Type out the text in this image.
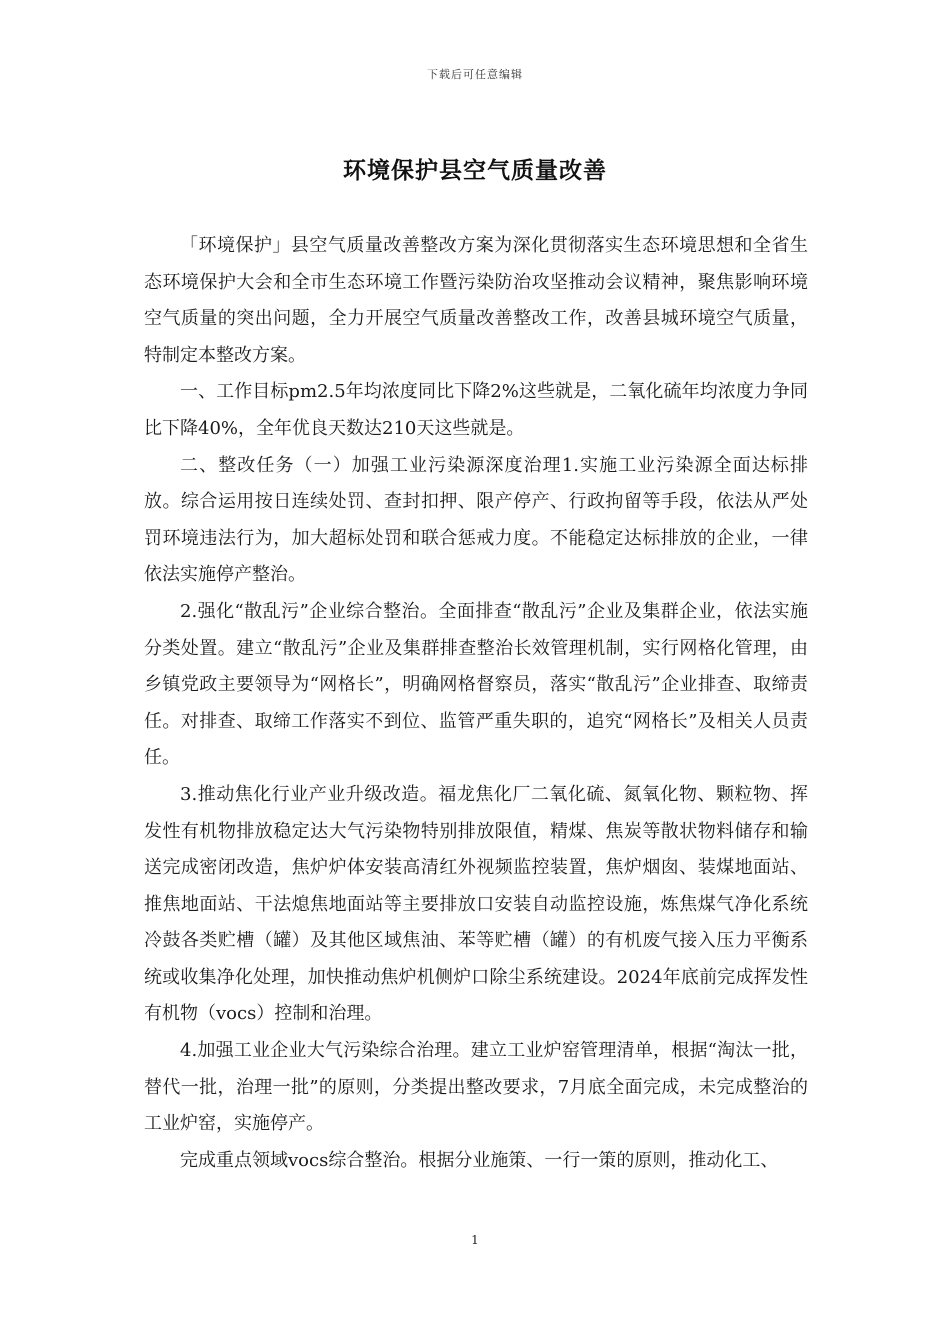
下载后可任意编辑
环境保护县空气质量改善

「环境保护」县空气质量改善整改方案为深化贯彻落实生态环境思想和全省生态环境保护大会和全市生态环境工作暨污染防治攻坚推动会议精神，聚焦影响环境空气质量的突出问题，全力开展空气质量改善整改工作，改善县城环境空气质量，特制定本整改方案。

一、工作目标pm2.5年均浓度同比下降2%这些就是，二氧化硫年均浓度力争同比下降40%，全年优良天数达210天这些就是。

二、整改任务（一）加强工业污染源深度治理1.实施工业污染源全面达标排放。综合运用按日连续处罚、查封扣押、限产停产、行政拘留等手段，依法从严处罚环境违法行为，加大超标处罚和联合惩戒力度。不能稳定达标排放的企业，一律依法实施停产整治。

2.强化“散乱污”企业综合整治。全面排查“散乱污”企业及集群企业，依法实施分类处置。建立“散乱污”企业及集群排查整治长效管理机制，实行网格化管理，由乡镇党政主要领导为“网格长”，明确网格督察员，落实“散乱污”企业排查、取缔责任。对排查、取缔工作落实不到位、监管严重失职的，追究“网格长”及相关人员责任。

3.推动焦化行业产业升级改造。福龙焦化厂二氧化硫、氮氧化物、颗粒物、挥发性有机物排放稳定达大气污染物特别排放限值，精煤、焦炭等散状物料储存和输送完成密闭改造，焦炉炉体安装高清红外视频监控装置，焦炉烟囱、装煤地面站、推焦地面站、干法熄焦地面站等主要排放口安装自动监控设施，炼焦煤气净化系统冷鼓各类贮槽（罐）及其他区域焦油、苯等贮槽（罐）的有机废气接入压力平衡系统或收集净化处理，加快推动焦炉机侧炉口除尘系统建设。2024年底前完成挥发性有机物（vocs）控制和治理。

4.加强工业企业大气污染综合治理。建立工业炉窑管理清单，根据“淘汰一批，替代一批，治理一批”的原则，分类提出整改要求，7月底全面完成，未完成整治的工业炉窑，实施停产。

完成重点领域vocs综合整治。根据分业施策、一行一策的原则，推动化工、

1
